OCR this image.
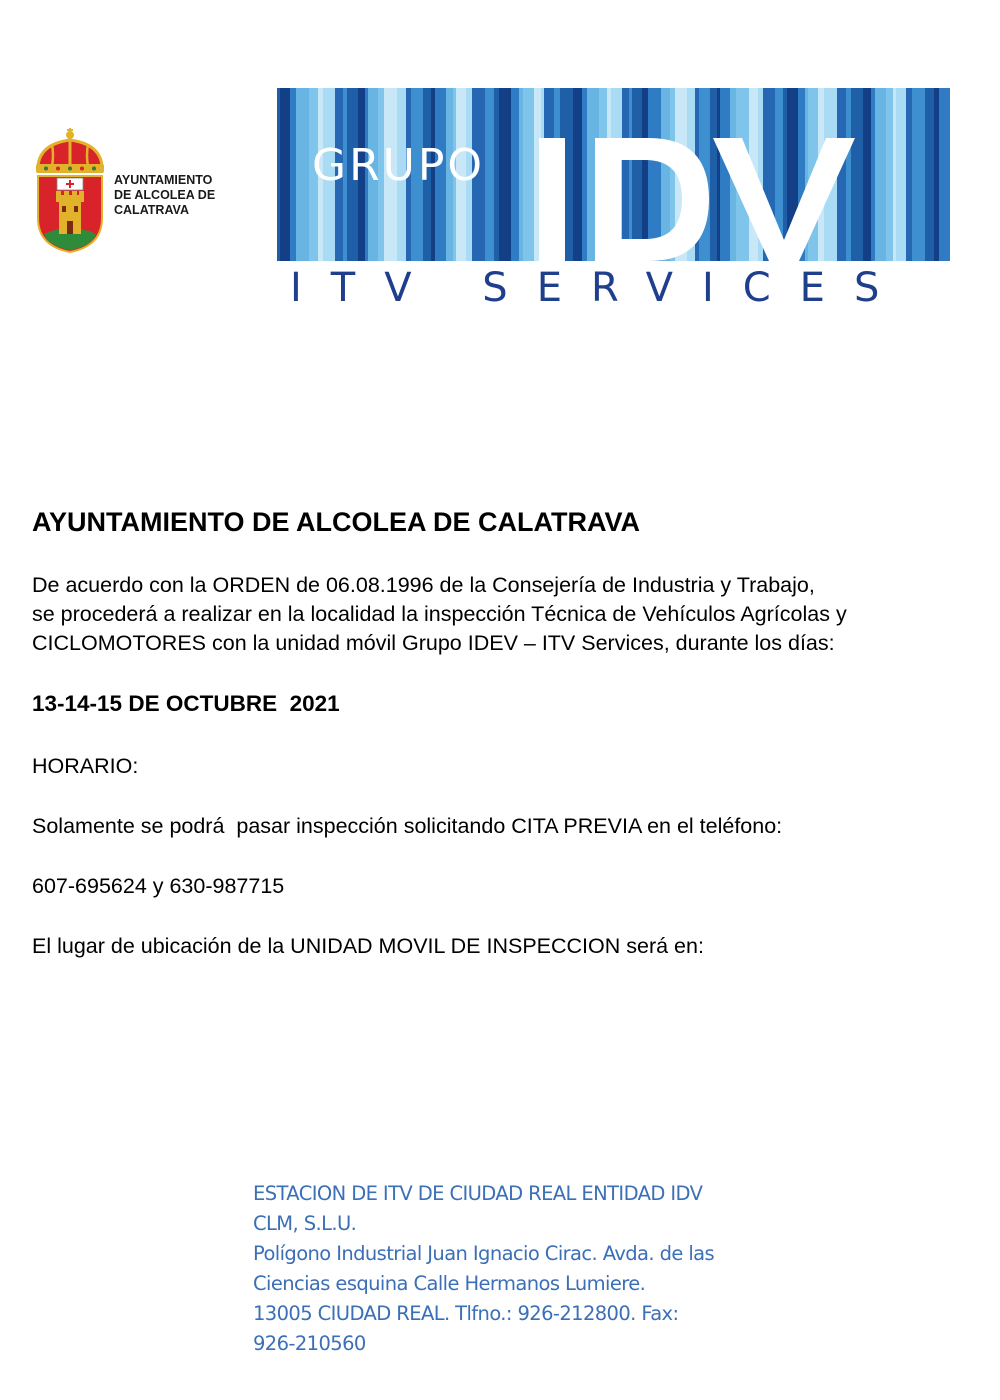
AYUNTAMIENTO
DE ALCOLEA DE
CALATRAVA
GRUPO
ITV SERVICES
AYUNTAMIENTO DE ALCOLEA DE CALATRAVA
De acuerdo con la ORDEN de 06.08.1996 de la Consejería de Industria y Trabajo,
se procederá a realizar en la localidad la inspección Técnica de Vehículos Agrícolas y
CICLOMOTORES con la unidad móvil Grupo IDEV – ITV Services, durante los días:
13-14-15 DE OCTUBRE  2021
HORARIO:
Solamente se podrá  pasar inspección solicitando CITA PREVIA en el teléfono:
607-695624 y 630-987715
El lugar de ubicación de la UNIDAD MOVIL DE INSPECCION será en:
ESTACION DE ITV DE CIUDAD REAL ENTIDAD IDV
CLM, S.L.U.
Polígono Industrial Juan Ignacio Cirac. Avda. de las
Ciencias esquina Calle Hermanos Lumiere.
13005 CIUDAD REAL. Tlfno.: 926-212800. Fax:
926-210560
